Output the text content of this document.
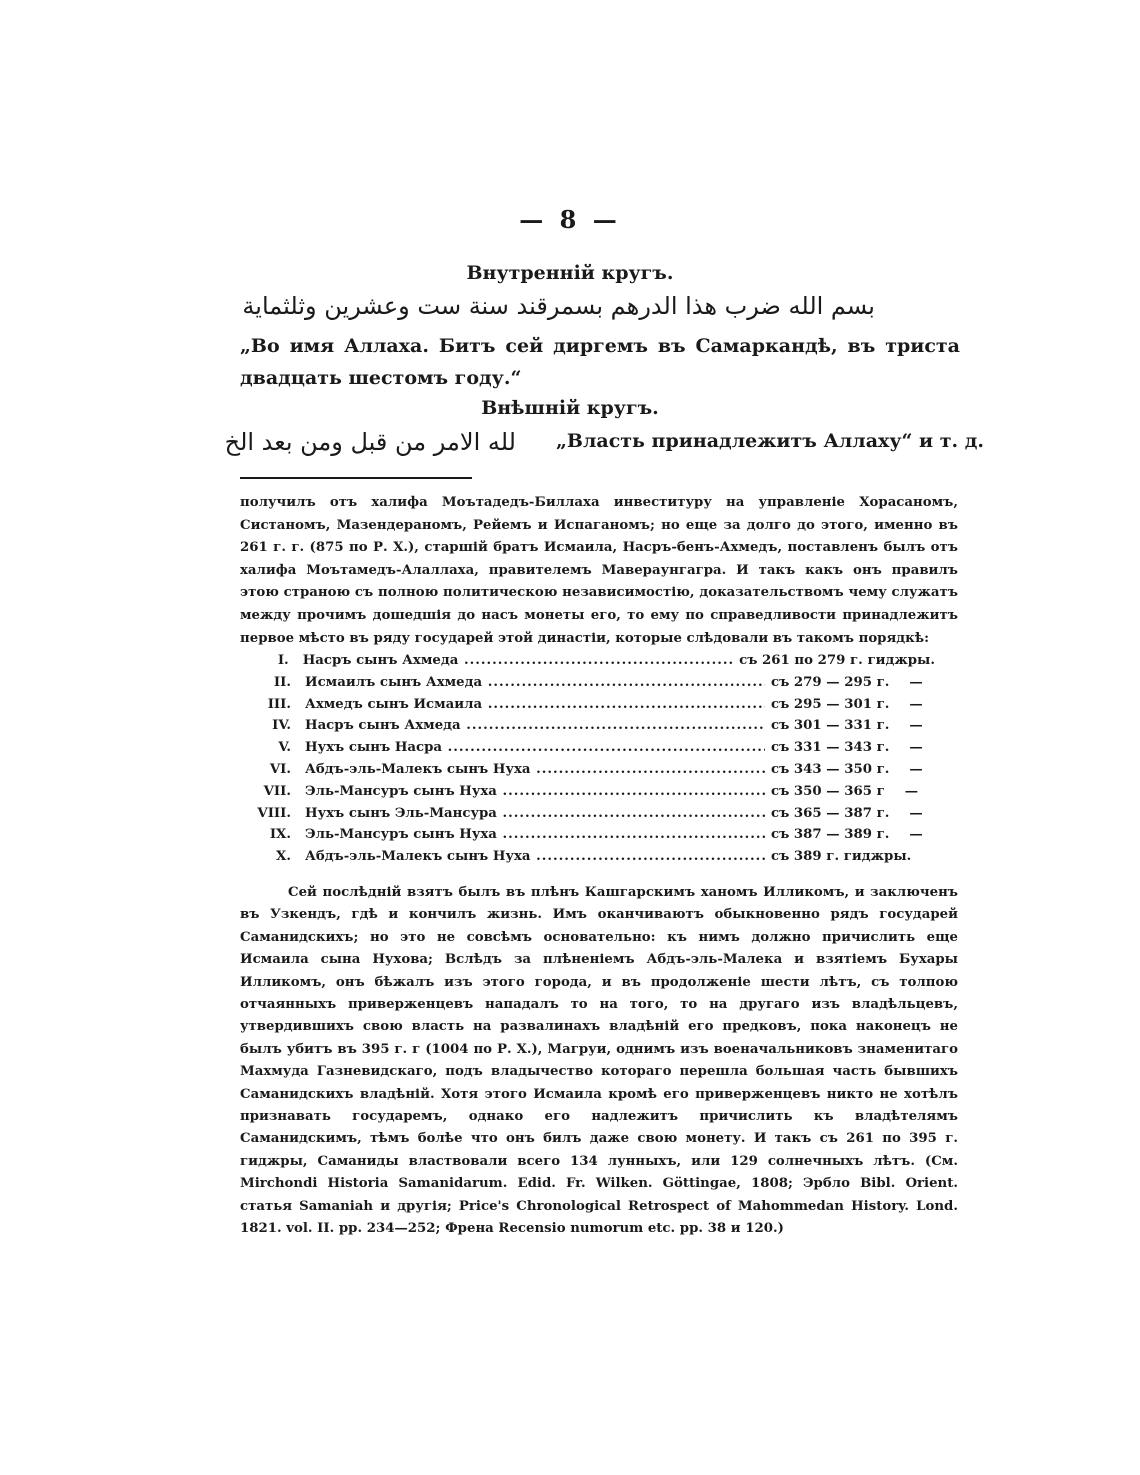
— 8 —
Внутренній кругъ.
بسم الله ضرب هذا الدرهم بسمرقند سنة ست وعشرين وثلثماية
„Во имя Аллаха. Битъ сей диргемъ въ Самаркандѣ, въ триста двадцать шестомъ году.“
Внѣшній кругъ.
لله الامر من قبل ومن بعد الخ „Власть принадлежитъ Аллаху“ и т. д.
получилъ отъ халифа Моътадедъ-Биллаха инвеституру на управленіе Хорасаномъ, Систаномъ, Мазендераномъ, Рейемъ и Испаганомъ; но еще за долго до этого, именно въ 261 г. г. (875 по Р. Х.), старшій братъ Исмаила, Насръ-бенъ-Ахмедъ, поставленъ былъ отъ халифа Моътамедъ-Алаллаха, правителемъ Мавераунгагра. И такъ какъ онъ правилъ этою страною съ полною политическою независимостію, доказательствомъ чему служатъ между прочимъ дошедшія до насъ монеты его, то ему по справедливости принадлежитъ первое мѣсто въ ряду государей этой династіи, которые слѣдовали въ такомъ порядкѣ:
I. Насръ сынъ Ахмеда .....	съ 261 по 279 г. гиджры.
II. Исмаилъ сынъ Ахмеда .....	съ 279 — 295 г. —
III. Ахмедъ сынъ Исмаила .....	съ 295 — 301 г. —
IV. Насръ сынъ Ахмеда .....	съ 301 — 331 г. —
V. Нухъ сынъ Насра .....	съ 331 — 343 г. —
VI. Абдъ-эль-Малекъ сынъ Нуха .....	съ 343 — 350 г. —
VII. Эль-Мансуръ сынъ Нуха .....	съ 350 — 365 г —
VIII. Нухъ сынъ Эль-Мансура .....	съ 365 — 387 г. —
IX. Эль-Мансуръ сынъ Нуха .....	съ 387 — 389 г. —
X. Абдъ-эль-Малекъ сынъ Нуха .....	съ 389 г. гиджры.
Сей послѣдній взятъ былъ въ плѣнъ Кашгарскимъ ханомъ Илликомъ, и заключенъ въ Узкендъ, гдѣ и кончилъ жизнь. Имъ оканчиваютъ обыкновенно рядъ государей Саманидскихъ; но это не совсѣмъ основательно: къ нимъ должно причислить еще Исмаила сына Нухова; Вслѣдъ за плѣненіемъ Абдъ-эль-Малека и взятіемъ Бухары Илликомъ, онъ бѣжалъ изъ этого города, и въ продолженіе шести лѣтъ, съ толпою отчаянныхъ приверженцевъ нападалъ то на того, то на другаго изъ владѣльцевъ, утвердившихъ свою власть на развалинахъ владѣній его предковъ, пока наконецъ не былъ убитъ въ 395 г. г (1004 по Р. Х.), Магруи, однимъ изъ военачальниковъ знаменитаго Махмуда Газневидскаго, подъ владычество котораго перешла большая часть бывшихъ Саманидскихъ владѣній. Хотя этого Исмаила кромѣ его приверженцевъ никто не хотѣлъ признавать государемъ, однако его надлежитъ причислить къ владѣтелямъ Саманидскимъ, тѣмъ болѣе что онъ билъ даже свою монету. И такъ съ 261 по 395 г. гиджры, Саманиды властвовали всего 134 лунныхъ, или 129 солнечныхъ лѣтъ. (См. Mirchondi Historia Samanidarum. Edid. Fr. Wilken. Göttingae, 1808; Эрбло Bibl. Orient. статья Samaniah и другія; Price's Chronological Retrospect of Mahommedan History. Lond. 1821. vol. II. pp. 234—252; Френа Recensio numorum etc. pp. 38 и 120.)
